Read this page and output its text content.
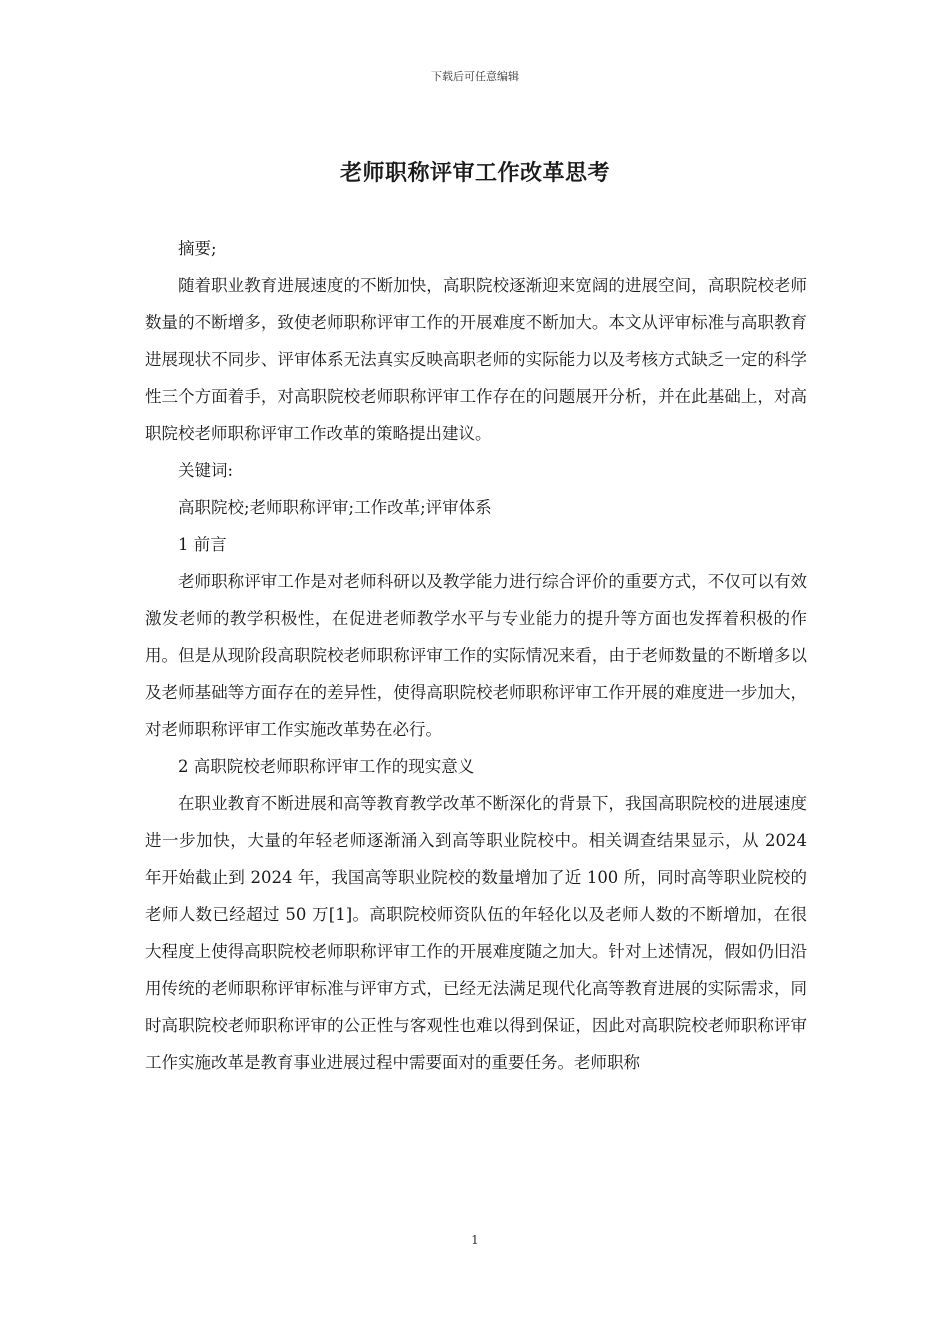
下载后可任意编辑
老师职称评审工作改革思考

摘要;

随着职业教育进展速度的不断加快，高职院校逐渐迎来宽阔的进展空间，高职院校老师数量的不断增多，致使老师职称评审工作的开展难度不断加大。本文从评审标准与高职教育进展现状不同步、评审体系无法真实反映高职老师的实际能力以及考核方式缺乏一定的科学性三个方面着手，对高职院校老师职称评审工作存在的问题展开分析，并在此基础上，对高职院校老师职称评审工作改革的策略提出建议。

关键词:

高职院校;老师职称评审;工作改革;评审体系

1 前言

老师职称评审工作是对老师科研以及教学能力进行综合评价的重要方式，不仅可以有效激发老师的教学积极性，在促进老师教学水平与专业能力的提升等方面也发挥着积极的作用。但是从现阶段高职院校老师职称评审工作的实际情况来看，由于老师数量的不断增多以及老师基础等方面存在的差异性，使得高职院校老师职称评审工作开展的难度进一步加大，对老师职称评审工作实施改革势在必行。

2 高职院校老师职称评审工作的现实意义

在职业教育不断进展和高等教育教学改革不断深化的背景下，我国高职院校的进展速度进一步加快，大量的年轻老师逐渐涌入到高等职业院校中。相关调查结果显示，从 2024 年开始截止到 2024 年，我国高等职业院校的数量增加了近 100 所，同时高等职业院校的老师人数已经超过 50 万[1]。高职院校师资队伍的年轻化以及老师人数的不断增加，在很大程度上使得高职院校老师职称评审工作的开展难度随之加大。针对上述情况，假如仍旧沿用传统的老师职称评审标准与评审方式，已经无法满足现代化高等教育进展的实际需求，同时高职院校老师职称评审的公正性与客观性也难以得到保证，因此对高职院校老师职称评审工作实施改革是教育事业进展过程中需要面对的重要任务。老师职称

1
